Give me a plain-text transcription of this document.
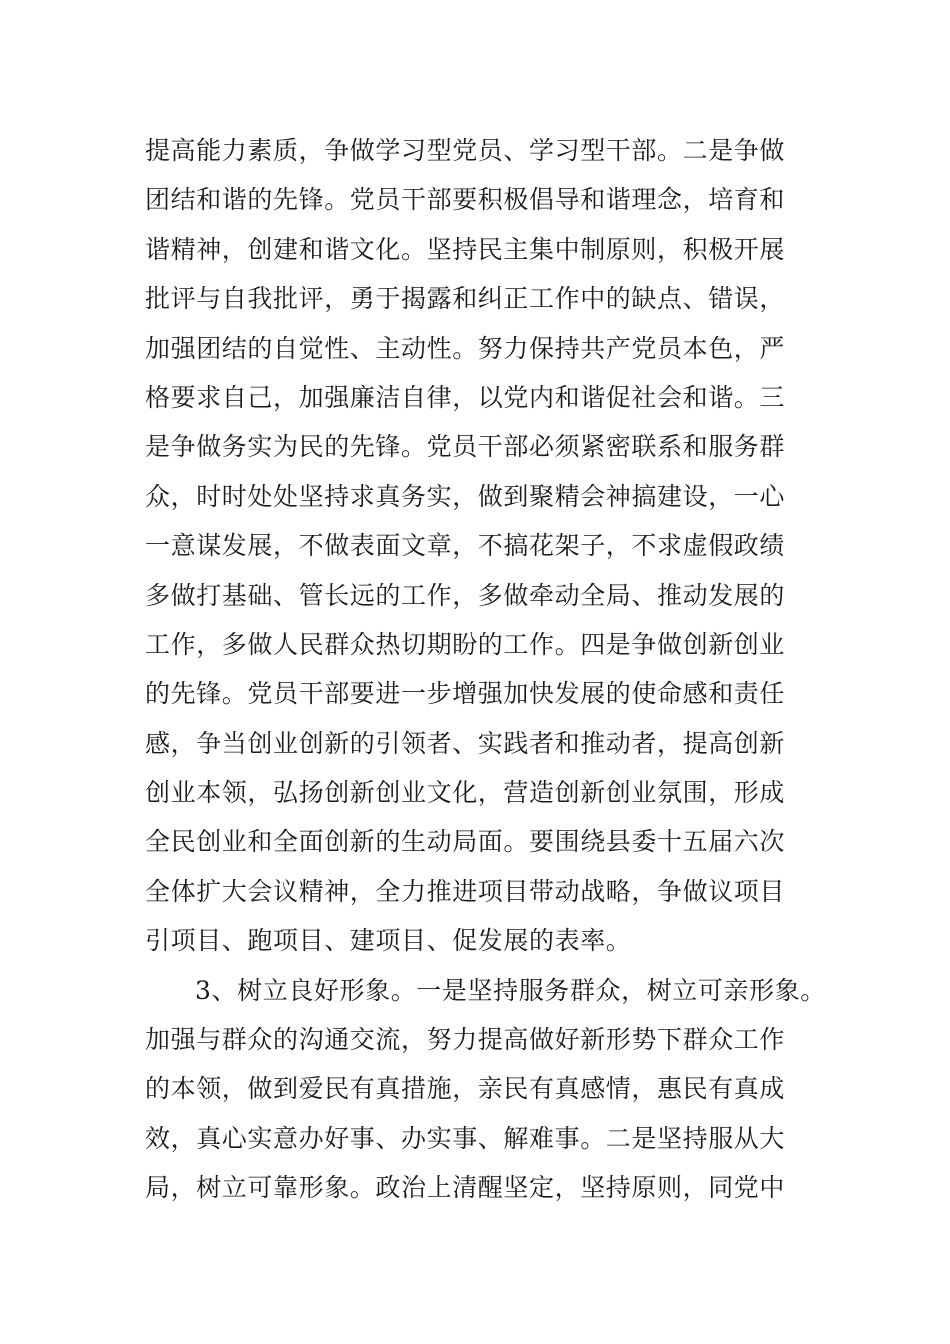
提高能力素质，争做学习型党员、学习型干部。二是争做
团结和谐的先锋。党员干部要积极倡导和谐理念，培育和
谐精神，创建和谐文化。坚持民主集中制原则，积极开展
批评与自我批评，勇于揭露和纠正工作中的缺点、错误，
加强团结的自觉性、主动性。努力保持共产党员本色，严
格要求自己，加强廉洁自律，以党内和谐促社会和谐。三
是争做务实为民的先锋。党员干部必须紧密联系和服务群
众，时时处处坚持求真务实，做到聚精会神搞建设，一心
一意谋发展，不做表面文章，不搞花架子，不求虚假政绩
多做打基础、管长远的工作，多做牵动全局、推动发展的
工作，多做人民群众热切期盼的工作。四是争做创新创业
的先锋。党员干部要进一步增强加快发展的使命感和责任
感，争当创业创新的引领者、实践者和推动者，提高创新
创业本领，弘扬创新创业文化，营造创新创业氛围，形成
全民创业和全面创新的生动局面。要围绕县委十五届六次
全体扩大会议精神，全力推进项目带动战略，争做议项目
引项目、跑项目、建项目、促发展的表率。
3、树立良好形象。一是坚持服务群众，树立可亲形象。
加强与群众的沟通交流，努力提高做好新形势下群众工作
的本领，做到爱民有真措施，亲民有真感情，惠民有真成
效，真心实意办好事、办实事、解难事。二是坚持服从大
局，树立可靠形象。政治上清醒坚定，坚持原则，同党中
